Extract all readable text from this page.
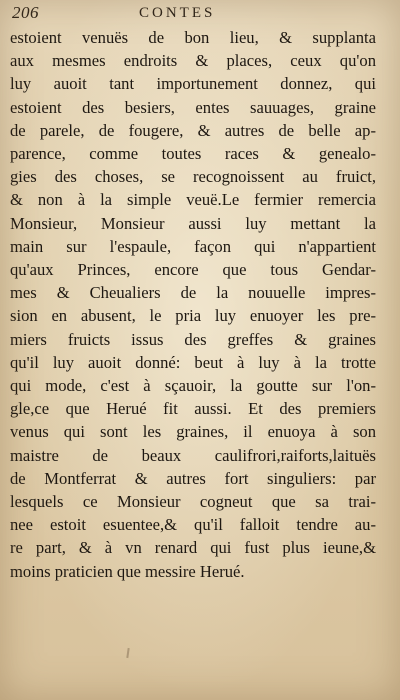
206	CONTES
estoient venuës de bon lieu, & supplanta
aux mesmes endroits & places, ceux qu'on
luy auoit tant importunement donnez, qui
estoient des besiers, entes sauuages, graine
de parele, de fougere, & autres de belle ap-
parence, comme toutes races & genealo-
gies des choses, se recognoissent au fruict,
& non à la simple veuë.Le fermier remercia
Monsieur, Monsieur aussi luy mettant la
main sur l'espaule, façon qui n'appartient
qu'aux Princes, encore que tous Gendar-
mes & Cheualiers de la nouuelle impres-
sion en abusent, le pria luy enuoyer les pre-
miers fruicts issus des greffes & graines
qu'il luy auoit donné: beut à luy à la trotte
qui mode, c'est à sçauoir, la goutte sur l'on-
gle,ce que Herué fit aussi. Et des premiers
venus qui sont les graines, il enuoya à son
maistre de beaux caulifrori,raiforts,laituës
de Montferrat & autres fort singuliers: par
lesquels ce Monsieur cogneut que sa trai-
nee estoit esuentee,& qu'il falloit tendre au-
re part, & à vn renard qui fust plus ieune,&
moins praticien que messire Herué.
